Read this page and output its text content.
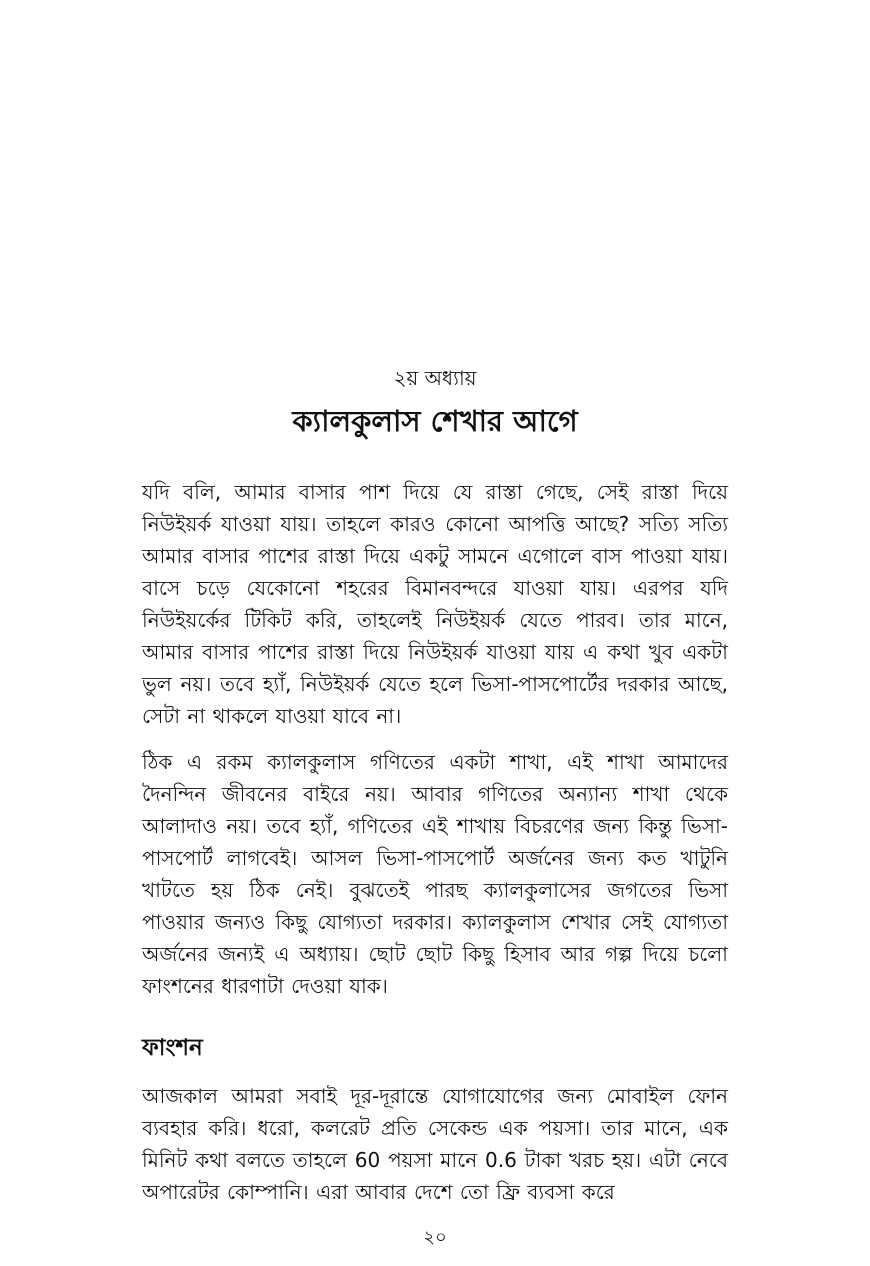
২য় অধ্যায়
ক্যালকুলাস শেখার আগে

যদি বলি, আমার বাসার পাশ দিয়ে যে রাস্তা গেছে, সেই রাস্তা দিয়ে নিউইয়র্ক যাওয়া যায়। তাহলে কারও কোনো আপত্তি আছে? সত্যি সত্যি আমার বাসার পাশের রাস্তা দিয়ে একটু সামনে এগোলে বাস পাওয়া যায়। বাসে চড়ে যেকোনো শহরের বিমানবন্দরে যাওয়া যায়। এরপর যদি নিউইয়র্কের টিকিট করি, তাহলেই নিউইয়র্ক যেতে পারব। তার মানে, আমার বাসার পাশের রাস্তা দিয়ে নিউইয়র্ক যাওয়া যায় এ কথা খুব একটা ভুল নয়। তবে হ্যাঁ, নিউইয়র্ক যেতে হলে ভিসা-পাসপোর্টের দরকার আছে, সেটা না থাকলে যাওয়া যাবে না।

ঠিক এ রকম ক্যালকুলাস গণিতের একটা শাখা, এই শাখা আমাদের দৈনন্দিন জীবনের বাইরে নয়। আবার গণিতের অন্যান্য শাখা থেকে আলাদাও নয়। তবে হ্যাঁ, গণিতের এই শাখায় বিচরণের জন্য কিন্তু ভিসা-পাসপোর্ট লাগবেই। আসল ভিসা-পাসপোর্ট অর্জনের জন্য কত খাটুনি খাটতে হয় ঠিক নেই। বুঝতেই পারছ ক্যালকুলাসের জগতের ভিসা পাওয়ার জন্যও কিছু যোগ্যতা দরকার। ক্যালকুলাস শেখার সেই যোগ্যতা অর্জনের জন্যই এ অধ্যায়। ছোট ছোট কিছু হিসাব আর গল্প দিয়ে চলো ফাংশনের ধারণাটা দেওয়া যাক।

ফাংশন

আজকাল আমরা সবাই দূর-দূরান্তে যোগাযোগের জন্য মোবাইল ফোন ব্যবহার করি। ধরো, কলরেট প্রতি সেকেন্ড এক পয়সা। তার মানে, এক মিনিট কথা বলতে তাহলে 60 পয়সা মানে 0.6 টাকা খরচ হয়। এটা নেবে অপারেটর কোম্পানি। এরা আবার দেশে তো ফ্রি ব্যবসা করে

২০
